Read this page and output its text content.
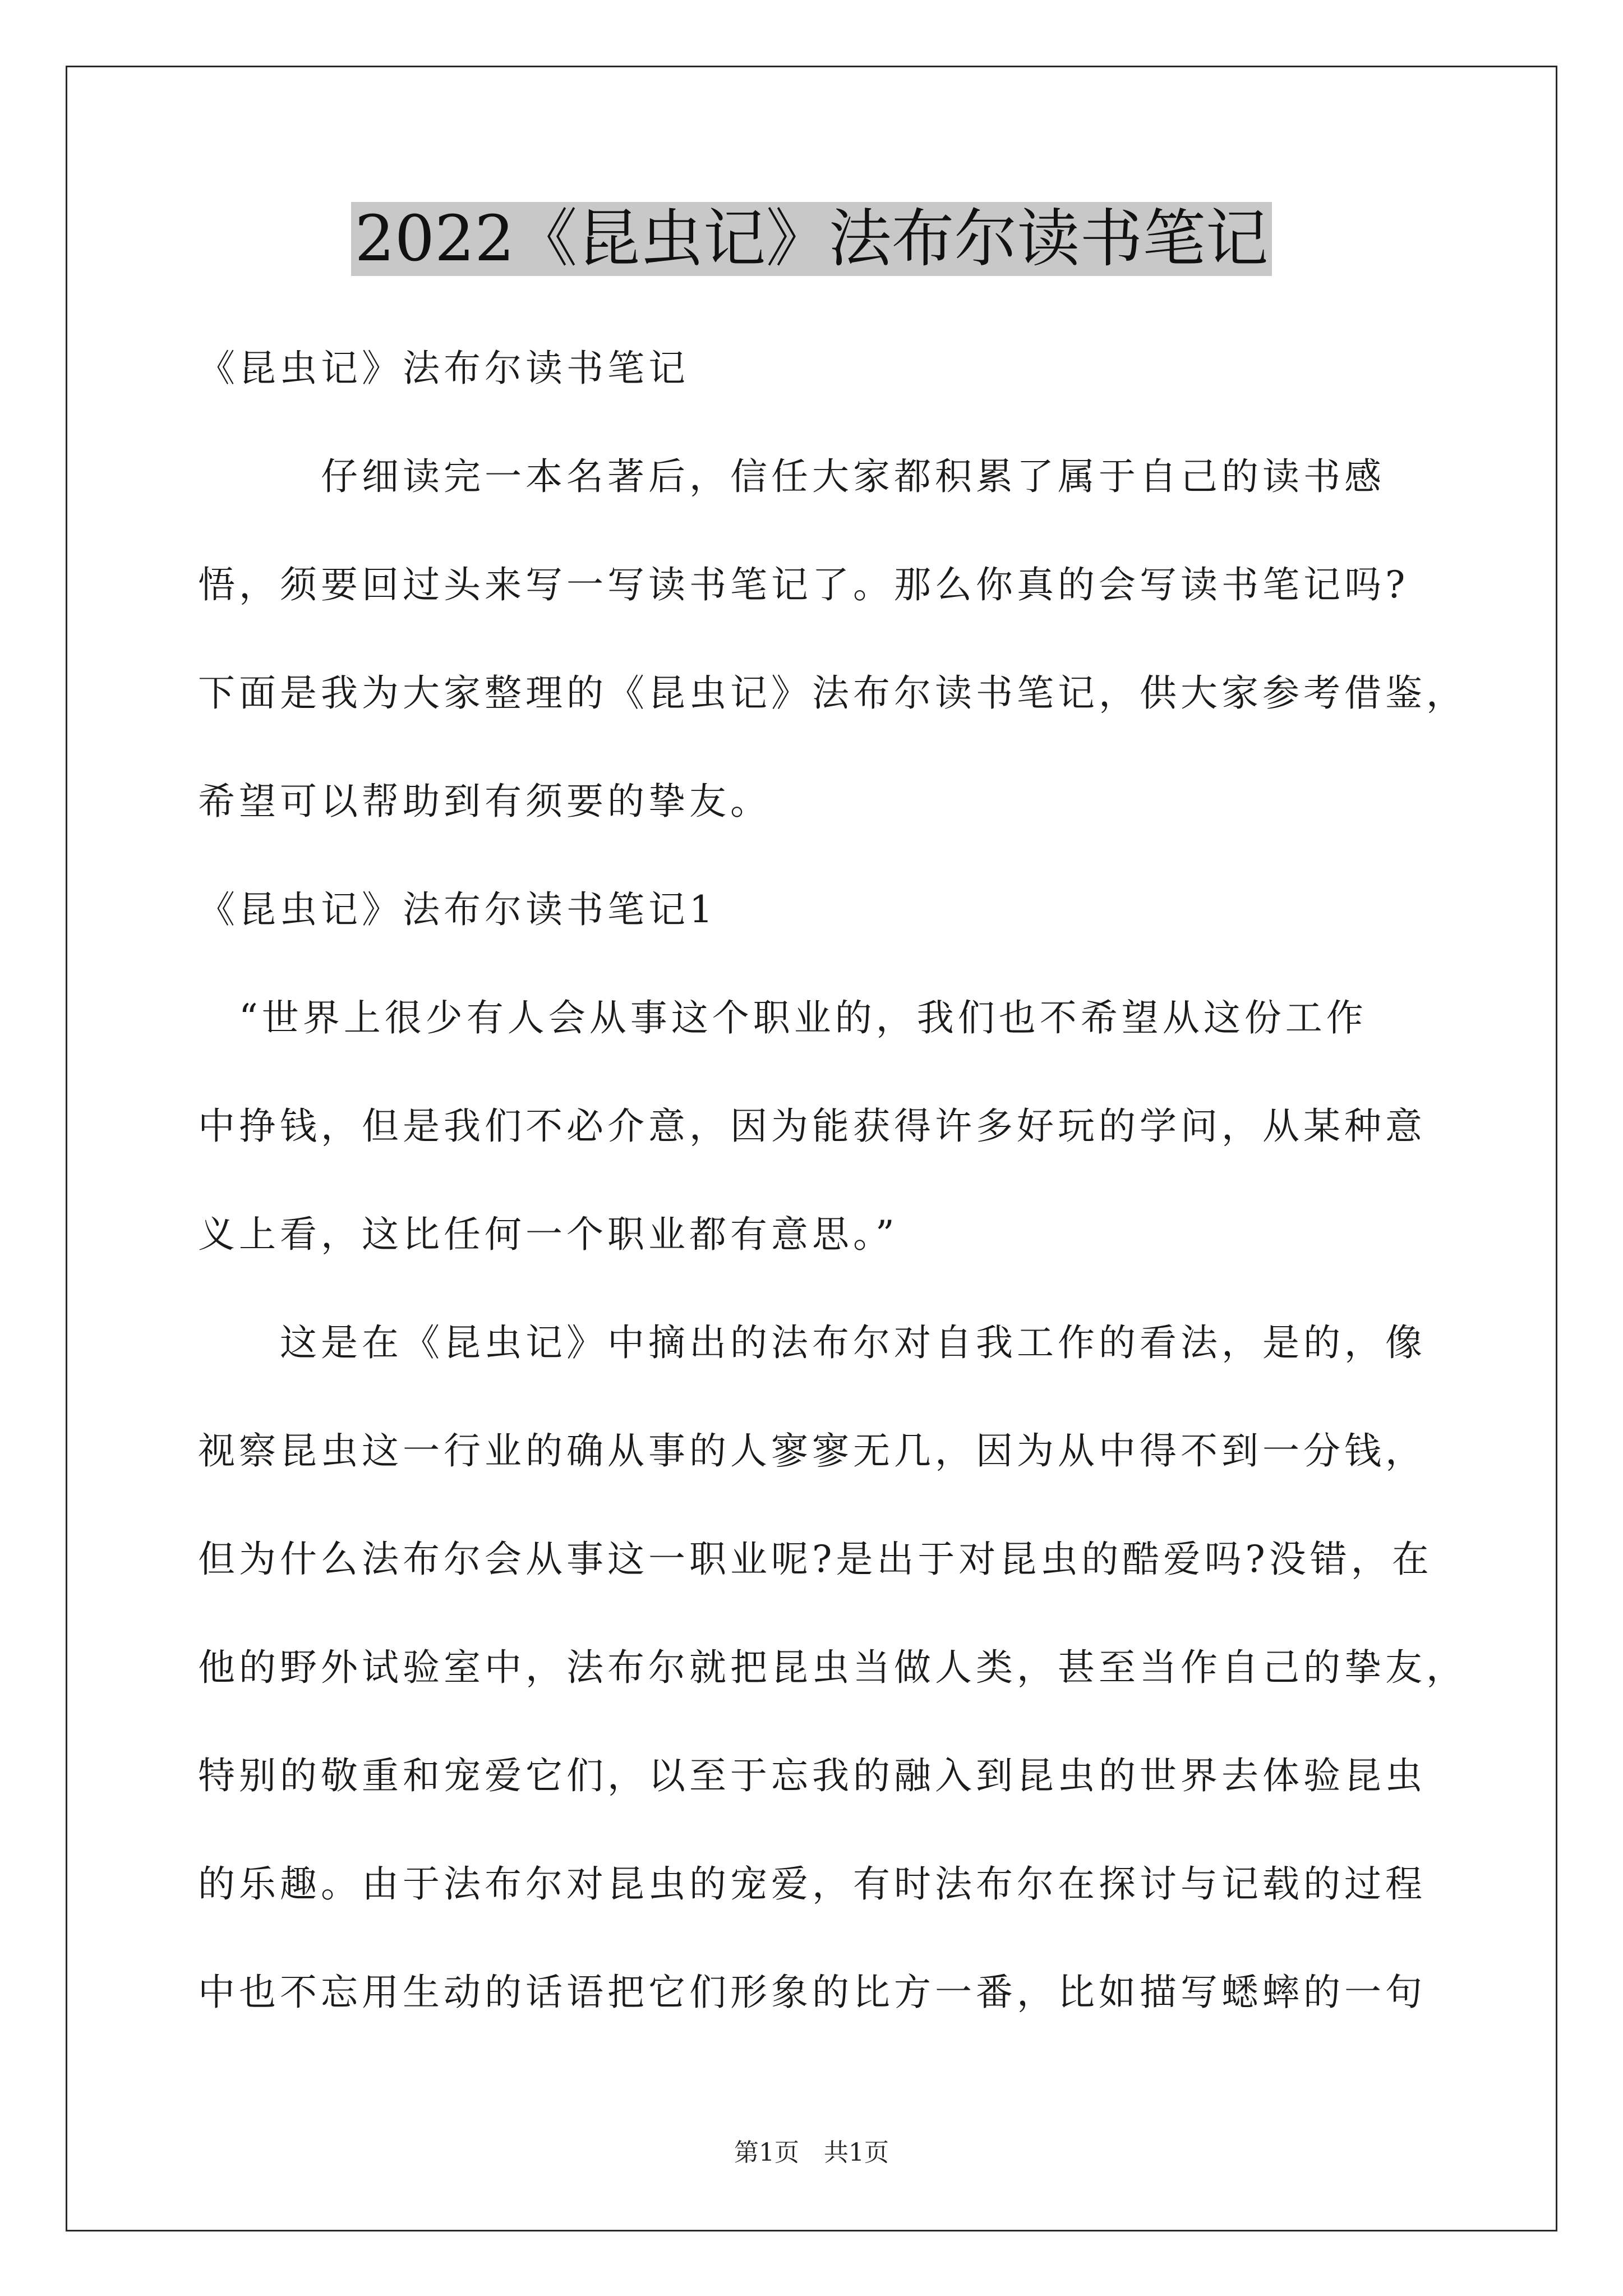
2022《昆虫记》法布尔读书笔记
《昆虫记》法布尔读书笔记
　　　仔细读完一本名著后，信任大家都积累了属于自己的读书感
悟，须要回过头来写一写读书笔记了。那么你真的会写读书笔记吗?
下面是我为大家整理的《昆虫记》法布尔读书笔记，供大家参考借鉴，
希望可以帮助到有须要的挚友。
《昆虫记》法布尔读书笔记1
　“世界上很少有人会从事这个职业的，我们也不希望从这份工作
中挣钱，但是我们不必介意，因为能获得许多好玩的学问，从某种意
义上看，这比任何一个职业都有意思。”
　　这是在《昆虫记》中摘出的法布尔对自我工作的看法，是的，像
视察昆虫这一行业的确从事的人寥寥无几，因为从中得不到一分钱，
但为什么法布尔会从事这一职业呢?是出于对昆虫的酷爱吗?没错，在
他的野外试验室中，法布尔就把昆虫当做人类，甚至当作自己的挚友，
特别的敬重和宠爱它们，以至于忘我的融入到昆虫的世界去体验昆虫
的乐趣。由于法布尔对昆虫的宠爱，有时法布尔在探讨与记载的过程
中也不忘用生动的话语把它们形象的比方一番，比如描写蟋蟀的一句
第1页　共1页
